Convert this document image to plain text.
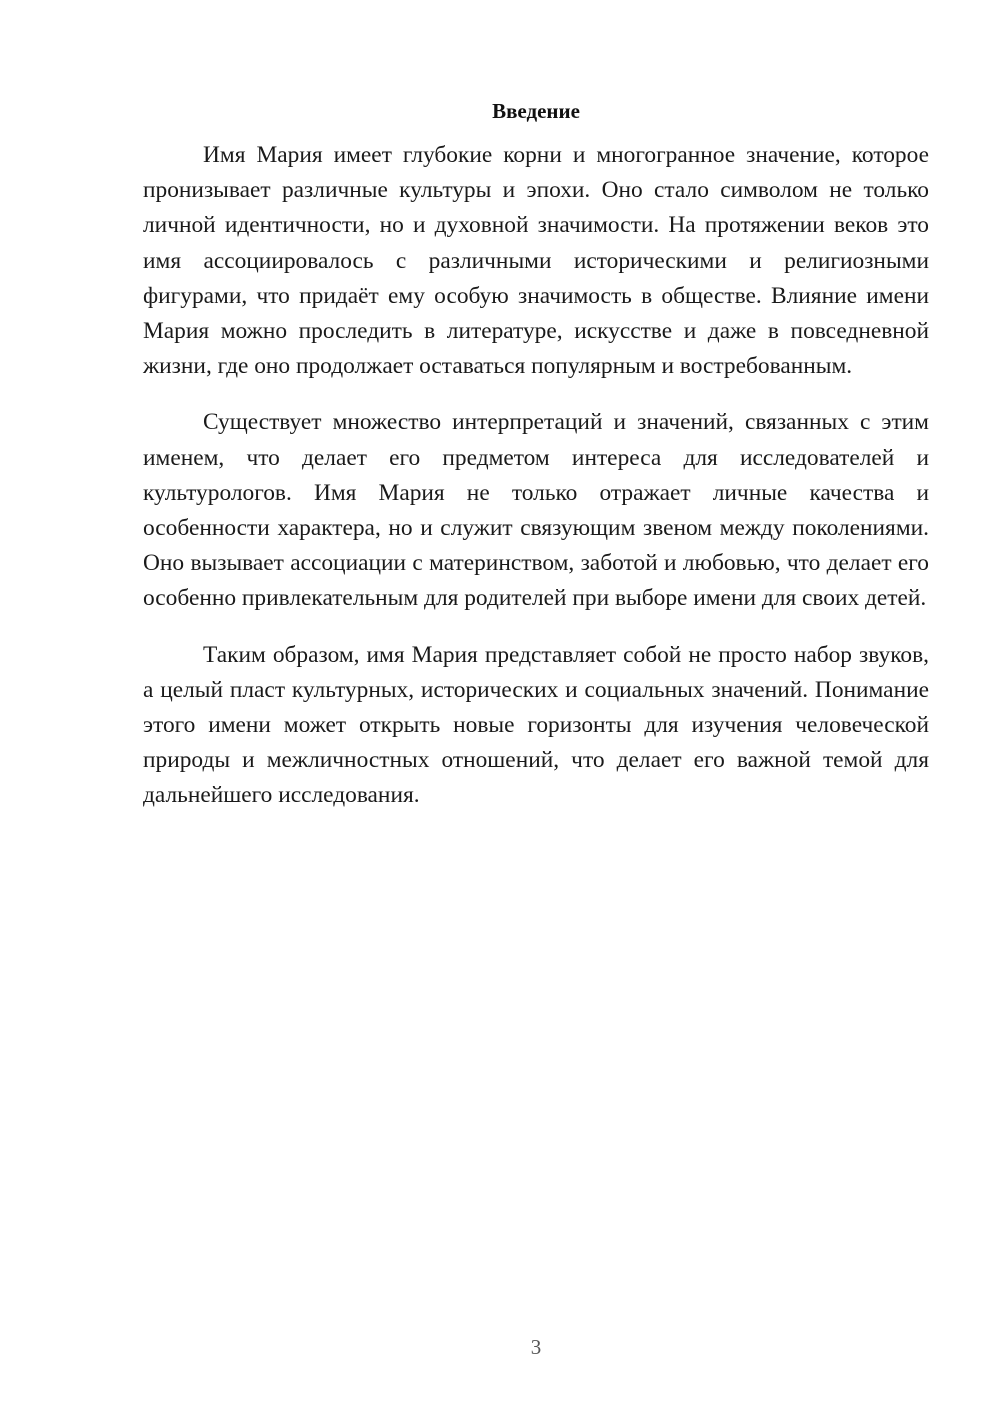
Введение

Имя Мария имеет глубокие корни и многогранное значение, которое пронизывает различные культуры и эпохи. Оно стало символом не только личной идентичности, но и духовной значимости. На протяжении веков это имя ассоциировалось с различными историческими и религиозными фигурами, что придаёт ему особую значимость в обществе. Влияние имени Мария можно проследить в литературе, искусстве и даже в повседневной жизни, где оно продолжает оставаться популярным и востребованным.

Существует множество интерпретаций и значений, связанных с этим именем, что делает его предметом интереса для исследователей и культурологов. Имя Мария не только отражает личные качества и особенности характера, но и служит связующим звеном между поколениями. Оно вызывает ассоциации с материнством, заботой и любовью, что делает его особенно привлекательным для родителей при выборе имени для своих детей.

Таким образом, имя Мария представляет собой не просто набор звуков, а целый пласт культурных, исторических и социальных значений. Понимание этого имени может открыть новые горизонты для изучения человеческой природы и межличностных отношений, что делает его важной темой для дальнейшего исследования.

3
